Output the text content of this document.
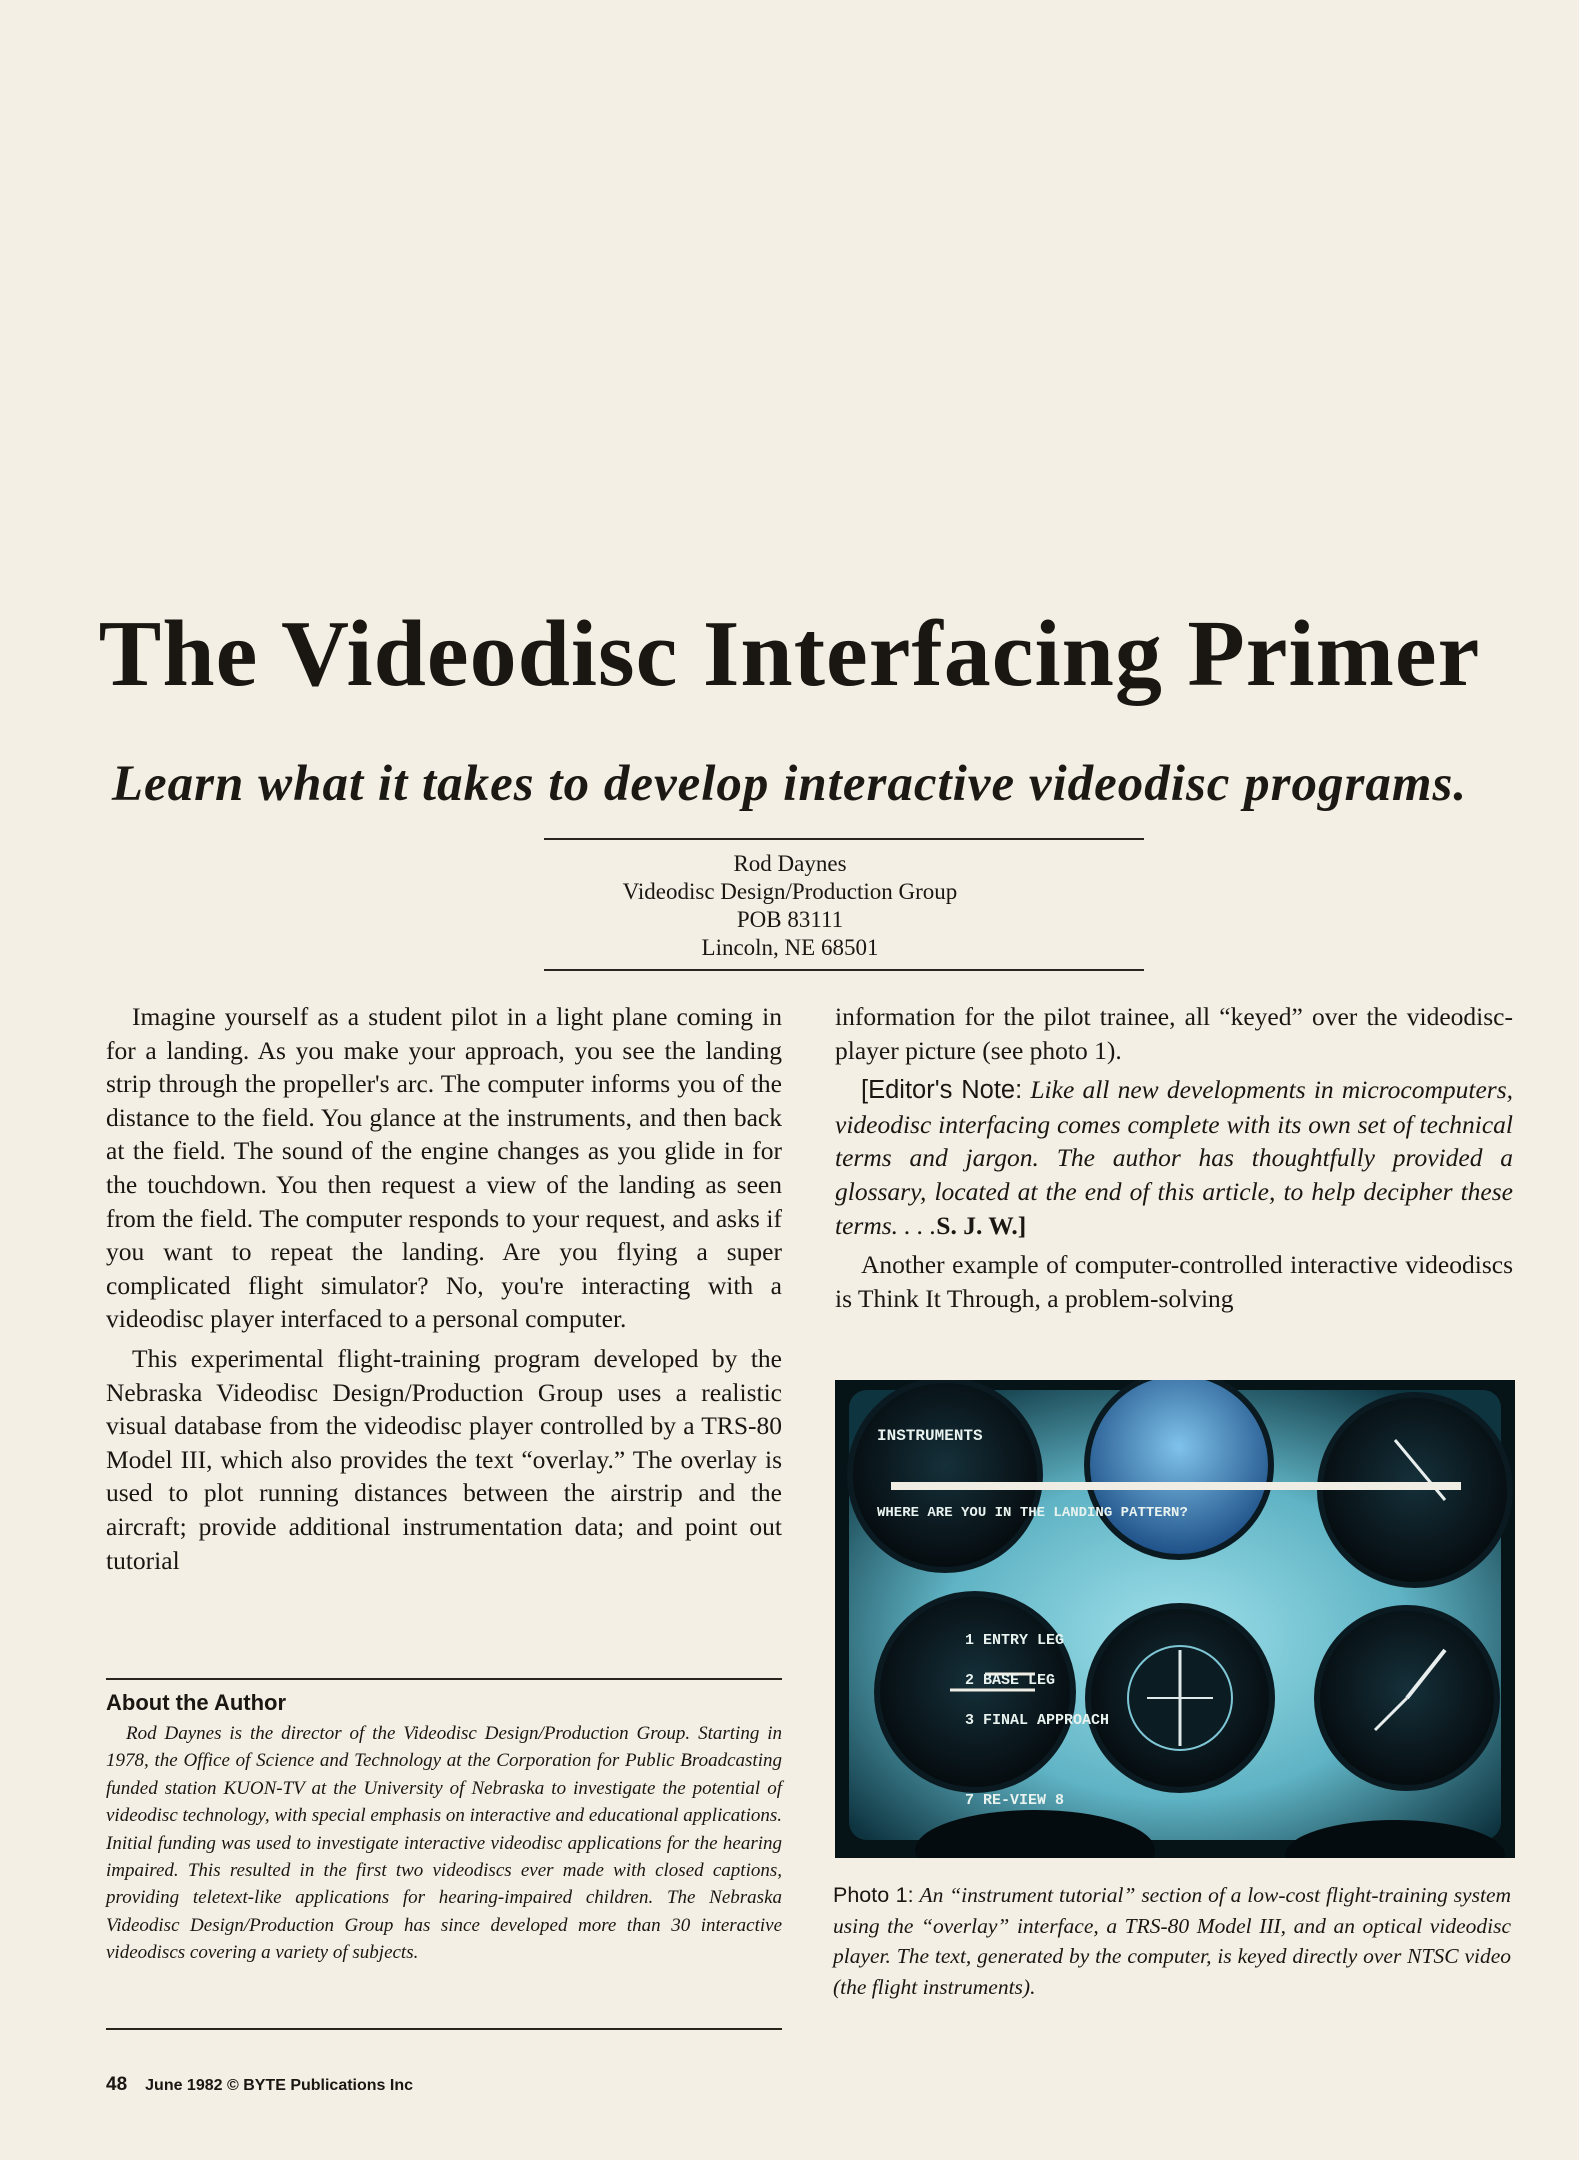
The Videodisc Interfacing Primer
Learn what it takes to develop interactive videodisc programs.
Rod Daynes
Videodisc Design/Production Group
POB 83111
Lincoln, NE 68501

Imagine yourself as a student pilot in a light plane coming in for a landing. As you make your approach, you see the landing strip through the propeller's arc. The computer informs you of the distance to the field. You glance at the instruments, and then back at the field. The sound of the engine changes as you glide in for the touchdown. You then request a view of the landing as seen from the field. The computer responds to your request, and asks if you want to repeat the landing. Are you flying a super complicated flight simulator? No, you're interacting with a videodisc player interfaced to a personal computer.

This experimental flight-training program developed by the Nebraska Videodisc Design/Production Group uses a realistic visual database from the videodisc player controlled by a TRS-80 Model III, which also provides the text “overlay.” The overlay is used to plot running distances between the airstrip and the aircraft; provide additional instrumentation data; and point out tutorial

information for the pilot trainee, all “keyed” over the videodisc-player picture (see photo 1).

[Editor's Note: Like all new developments in microcomputers, videodisc interfacing comes complete with its own set of technical terms and jargon. The author has thoughtfully provided a glossary, located at the end of this article, to help decipher these terms. . . .S. J. W.]

Another example of computer-controlled interactive videodiscs is Think It Through, a problem-solving

About the Author

Rod Daynes is the director of the Videodisc Design/Production Group. Starting in 1978, the Office of Science and Technology at the Corporation for Public Broadcasting funded station KUON-TV at the University of Nebraska to investigate the potential of videodisc technology, with special emphasis on interactive and educational applications. Initial funding was used to investigate interactive videodisc applications for the hearing impaired. This resulted in the first two videodiscs ever made with closed captions, providing teletext-like applications for hearing-impaired children. The Nebraska Videodisc Design/Production Group has since developed more than 30 interactive videodiscs covering a variety of subjects.

INSTRUMENTS
WHERE ARE YOU IN THE LANDING PATTERN?
1 ENTRY LEG
2 BASE LEG
3 FINAL APPROACH
7 RE-VIEW 8
Photo 1: An “instrument tutorial” section of a low-cost flight-training system using the “overlay” interface, a TRS-80 Model III, and an optical videodisc player. The text, generated by the computer, is keyed directly over NTSC video (the flight instruments).
48 June 1982 © BYTE Publications Inc
